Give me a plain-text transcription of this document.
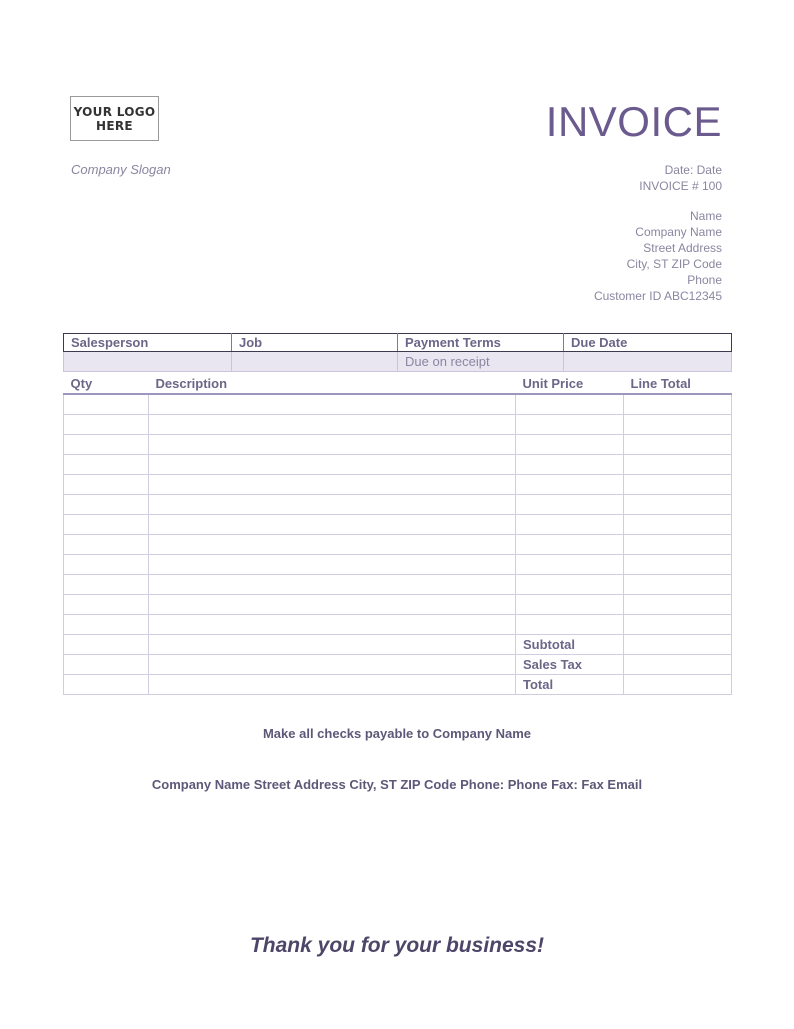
YOUR LOGO
HERE
Company Slogan
INVOICE
Date: Date
INVOICE # 100
Name
Company Name
Street Address
City, ST ZIP Code
Phone
Customer ID ABC12345
Salesperson	Job	Payment Terms	Due Date
		Due on receipt	
Qty	Description	Unit Price	Line Total

		Subtotal	
		Sales Tax	
		Total	
Make all checks payable to Company Name
Company Name Street Address City, ST ZIP Code Phone: Phone Fax: Fax Email
Thank you for your business!
